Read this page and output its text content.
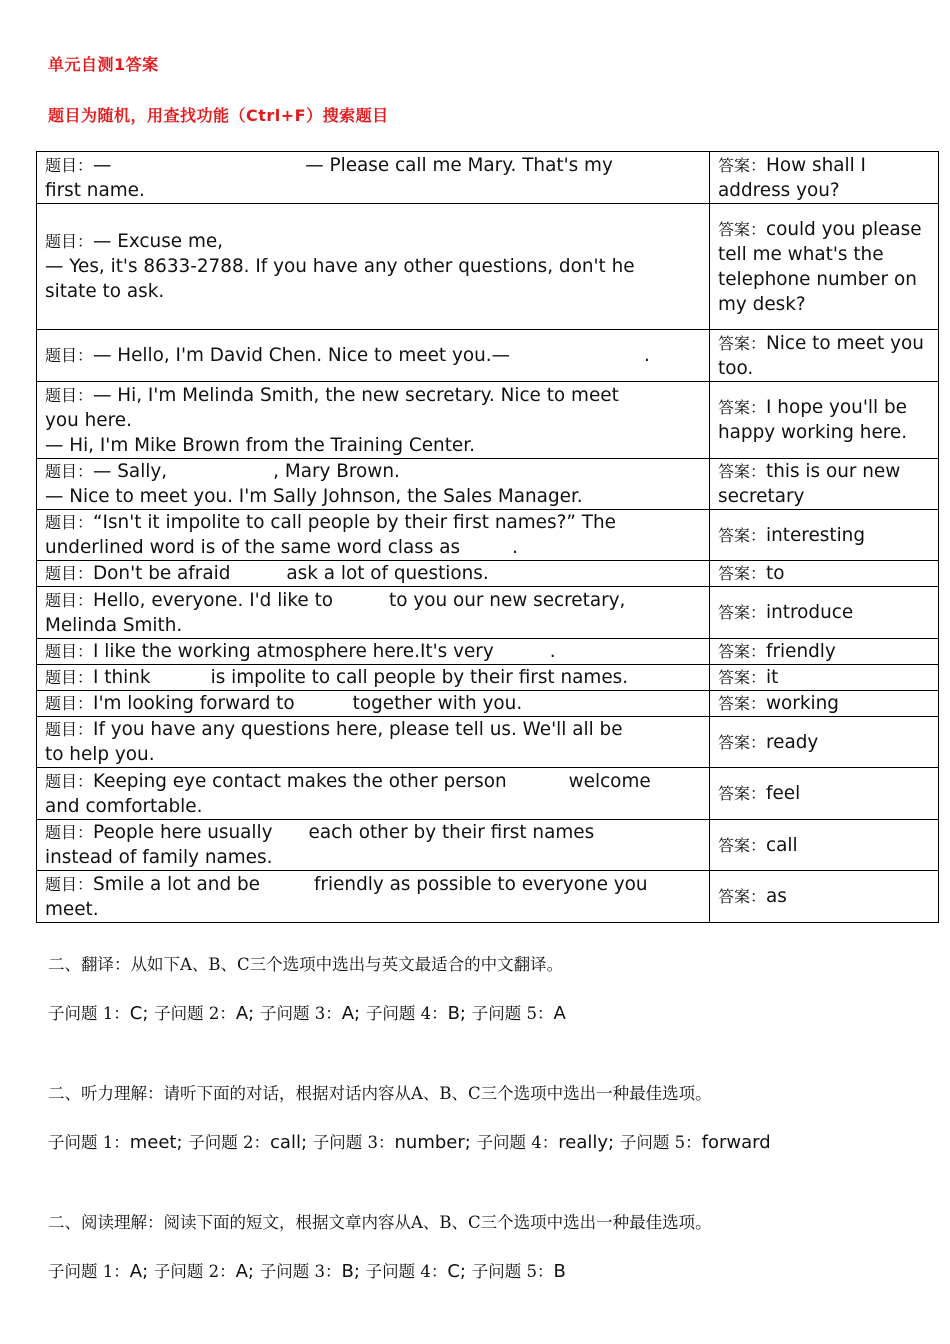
单元自测1答案
题目为随机，用查找功能（Ctrl+F）搜索题目
题目：— — Please call me Mary. That's my
first name.	答案：How shall I address you?

题目：— Excuse me,
— Yes, it's 8633-2788. If you have any other questions, don't he
sitate to ask.	答案：could you please tell me what's the telephone number on my desk?

题目：— Hello, I'm David Chen. Nice to meet you.— .	答案：Nice to meet you too.

题目：— Hi, I'm Melinda Smith, the new secretary. Nice to meet
you here.
— Hi, I'm Mike Brown from the Training Center.	答案：I hope you'll be happy working here.

题目：— Sally, , Mary Brown.
— Nice to meet you. I'm Sally Johnson, the Sales Manager.	答案：this is our new secretary

题目：“Isn't it impolite to call people by their first names?” The
underlined word is of the same word class as .	答案：interesting

题目：Don't be afraid ask a lot of questions.	答案：to

题目：Hello, everyone. I'd like to to you our new secretary,
Melinda Smith.	答案：introduce

题目：I like the working atmosphere here.It's very .	答案：friendly

题目：I think is impolite to call people by their first names.	答案：it

题目：I'm looking forward to together with you.	答案：working

题目：If you have any questions here, please tell us. We'll all be
to help you.	答案：ready

题目：Keeping eye contact makes the other person welcome
and comfortable.	答案：feel

题目：People here usually each other by their first names
instead of family names.	答案：call

题目：Smile a lot and be friendly as possible to everyone you
meet.	答案：as
二、翻译：从如下A、B、C三个选项中选出与英文最适合的中文翻译。
子问题 1：C; 子问题 2：A; 子问题 3：A; 子问题 4：B; 子问题 5：A
二、听力理解：请听下面的对话，根据对话内容从A、B、C三个选项中选出一种最佳选项。
子问题 1：meet; 子问题 2：call; 子问题 3：number; 子问题 4：really; 子问题 5：forward
二、阅读理解：阅读下面的短文，根据文章内容从A、B、C三个选项中选出一种最佳选项。
子问题 1：A; 子问题 2：A; 子问题 3：B; 子问题 4：C; 子问题 5：B
